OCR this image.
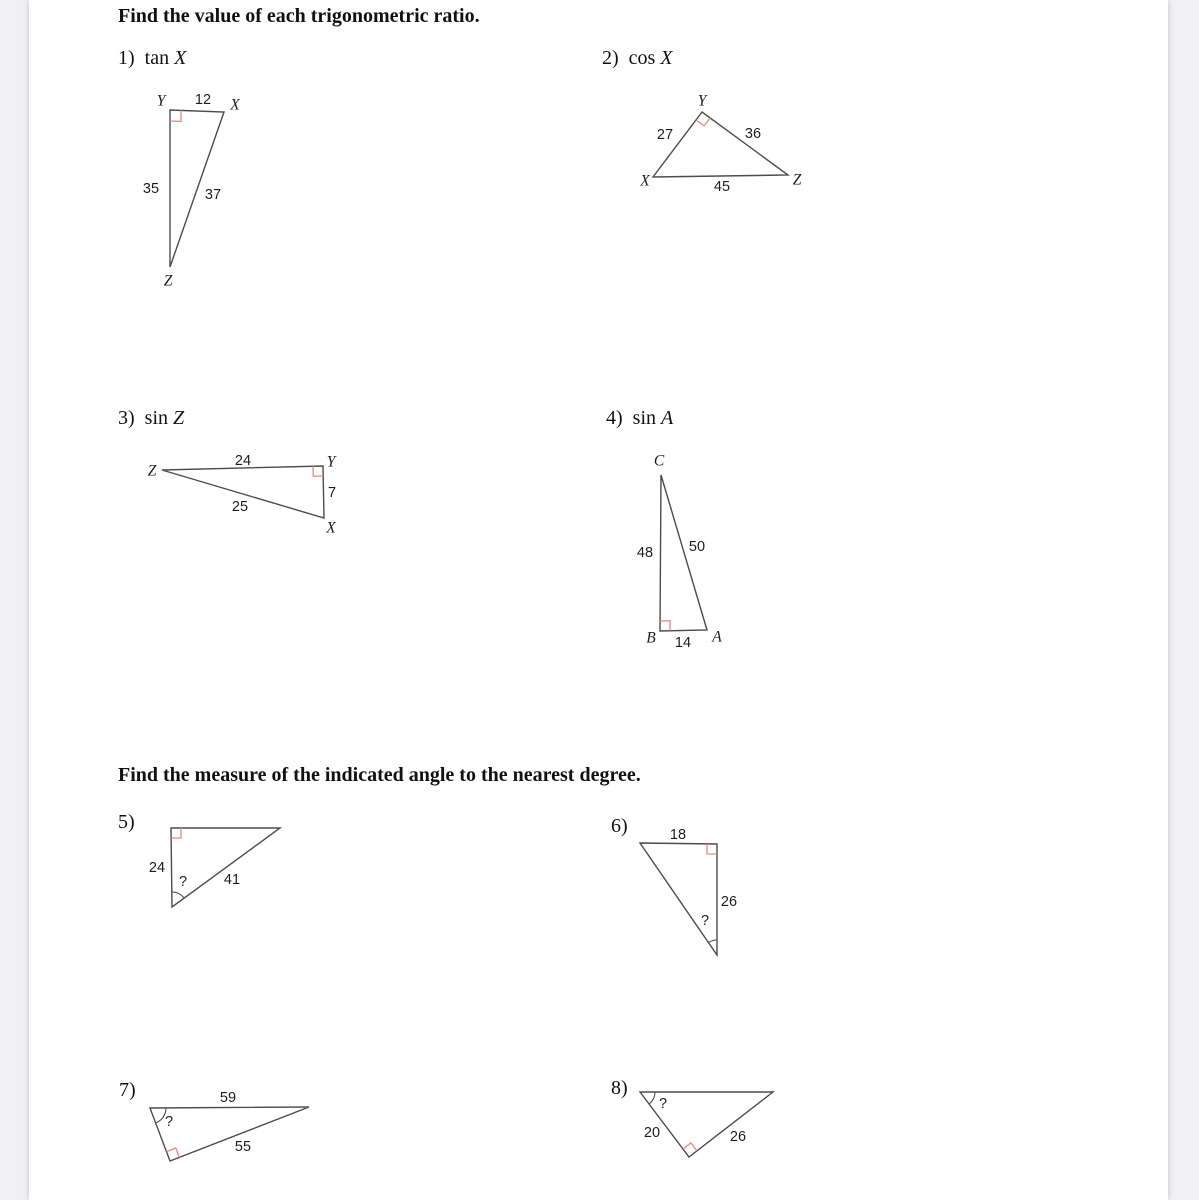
Find the value of each trigonometric ratio.
Find the measure of the indicated angle to the nearest degree.
1) tan X
Y 12 X
35	37
Z
2) cos X
Y
27	36
45
X	Z
3) sin Z
24	Y
7
25
X
Z
4) sin A
C
48 50
B 14 A
5)
24
?	41
6)	18
26
?
7)	59
?
55
8)
?
20	26
